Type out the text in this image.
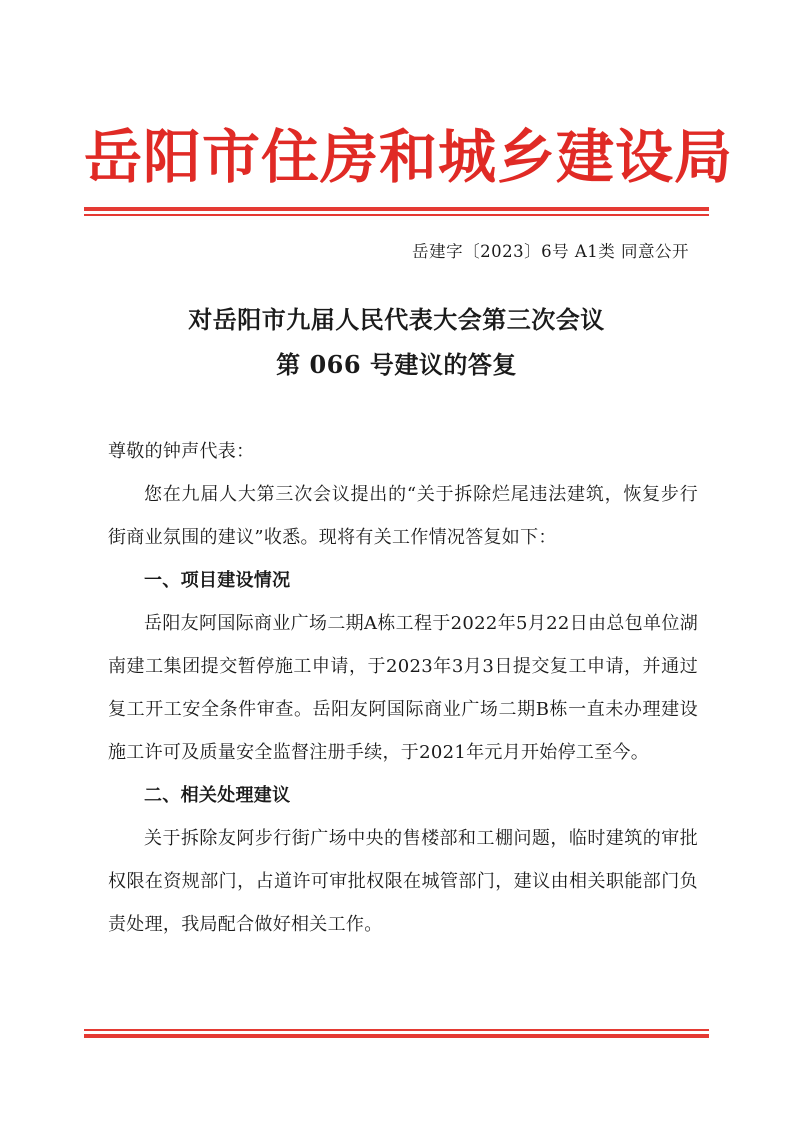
岳阳市住房和城乡建设局
岳建字〔2023〕6号 A1类 同意公开
对岳阳市九届人民代表大会第三次会议
第 066 号建议的答复

尊敬的钟声代表：

您在九届人大第三次会议提出的“关于拆除烂尾违法建筑，恢复步行街商业氛围的建议”收悉。现将有关工作情况答复如下：

一、项目建设情况

岳阳友阿国际商业广场二期A栋工程于2022年5月22日由总包单位湖南建工集团提交暂停施工申请，于2023年3月3日提交复工申请，并通过复工开工安全条件审查。岳阳友阿国际商业广场二期B栋一直未办理建设施工许可及质量安全监督注册手续，于2021年元月开始停工至今。

二、相关处理建议

关于拆除友阿步行街广场中央的售楼部和工棚问题，临时建筑的审批权限在资规部门，占道许可审批权限在城管部门，建议由相关职能部门负责处理，我局配合做好相关工作。
